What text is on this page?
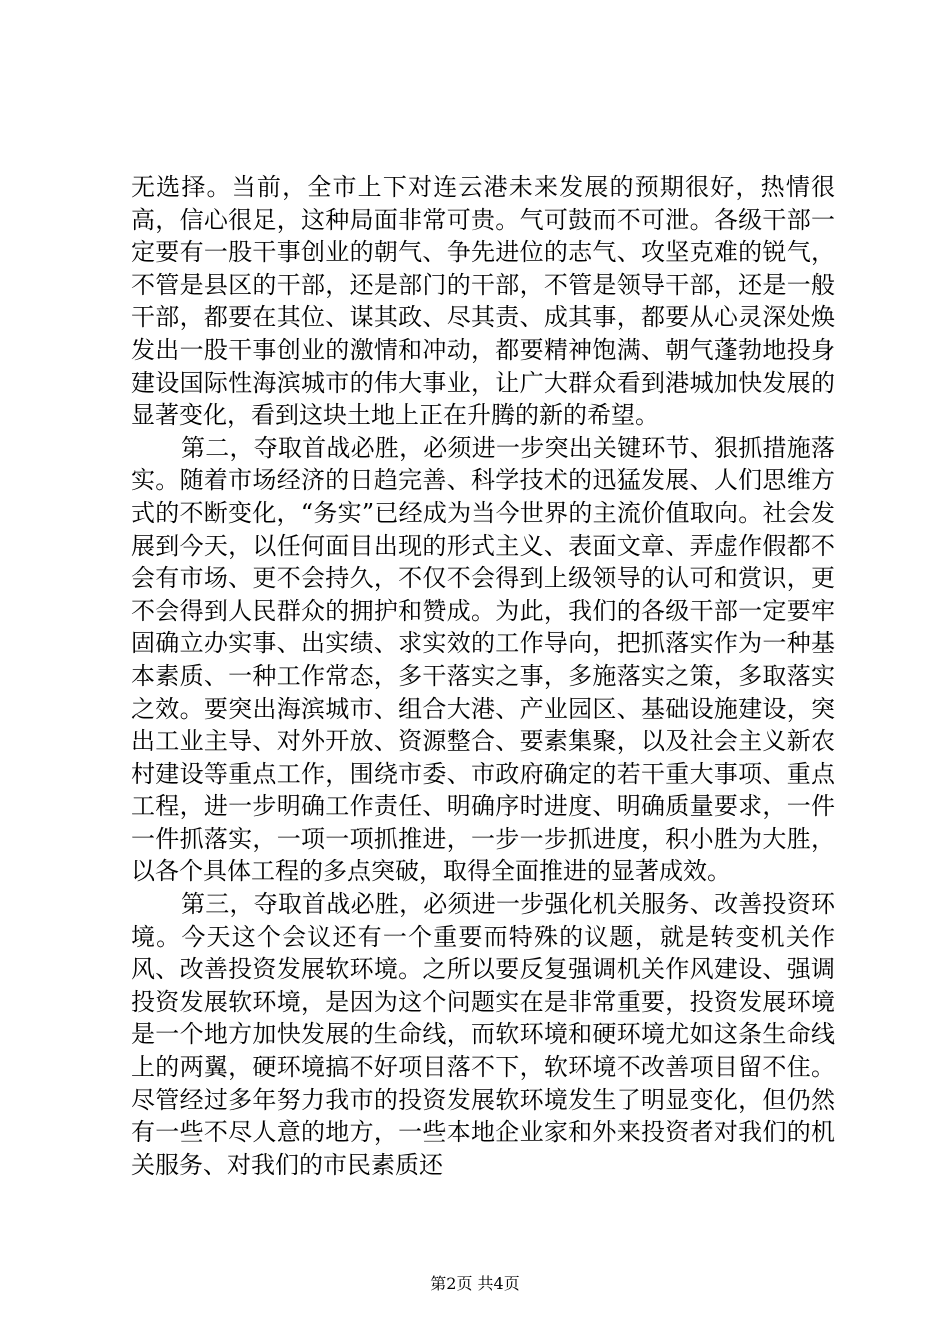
无选择。当前，全市上下对连云港未来发展的预期很好，热情很高，信心很足，这种局面非常可贵。气可鼓而不可泄。各级干部一定要有一股干事创业的朝气、争先进位的志气、攻坚克难的锐气，不管是县区的干部，还是部门的干部，不管是领导干部，还是一般干部，都要在其位、谋其政、尽其责、成其事，都要从心灵深处焕发出一股干事创业的激情和冲动，都要精神饱满、朝气蓬勃地投身建设国际性海滨城市的伟大事业，让广大群众看到港城加快发展的显著变化，看到这块土地上正在升腾的新的希望。

第二，夺取首战必胜，必须进一步突出关键环节、狠抓措施落实。随着市场经济的日趋完善、科学技术的迅猛发展、人们思维方式的不断变化，“务实”已经成为当今世界的主流价值取向。社会发展到今天，以任何面目出现的形式主义、表面文章、弄虚作假都不会有市场、更不会持久，不仅不会得到上级领导的认可和赏识，更不会得到人民群众的拥护和赞成。为此，我们的各级干部一定要牢固确立办实事、出实绩、求实效的工作导向，把抓落实作为一种基本素质、一种工作常态，多干落实之事，多施落实之策，多取落实之效。要突出海滨城市、组合大港、产业园区、基础设施建设，突出工业主导、对外开放、资源整合、要素集聚，以及社会主义新农村建设等重点工作，围绕市委、市政府确定的若干重大事项、重点工程，进一步明确工作责任、明确序时进度、明确质量要求，一件一件抓落实，一项一项抓推进，一步一步抓进度，积小胜为大胜，以各个具体工程的多点突破，取得全面推进的显著成效。

第三，夺取首战必胜，必须进一步强化机关服务、改善投资环境。今天这个会议还有一个重要而特殊的议题，就是转变机关作风、改善投资发展软环境。之所以要反复强调机关作风建设、强调投资发展软环境，是因为这个问题实在是非常重要，投资发展环境是一个地方加快发展的生命线，而软环境和硬环境尤如这条生命线上的两翼，硬环境搞不好项目落不下，软环境不改善项目留不住。尽管经过多年努力我市的投资发展软环境发生了明显变化，但仍然有一些不尽人意的地方，一些本地企业家和外来投资者对我们的机关服务、对我们的市民素质还

第2页 共4页
